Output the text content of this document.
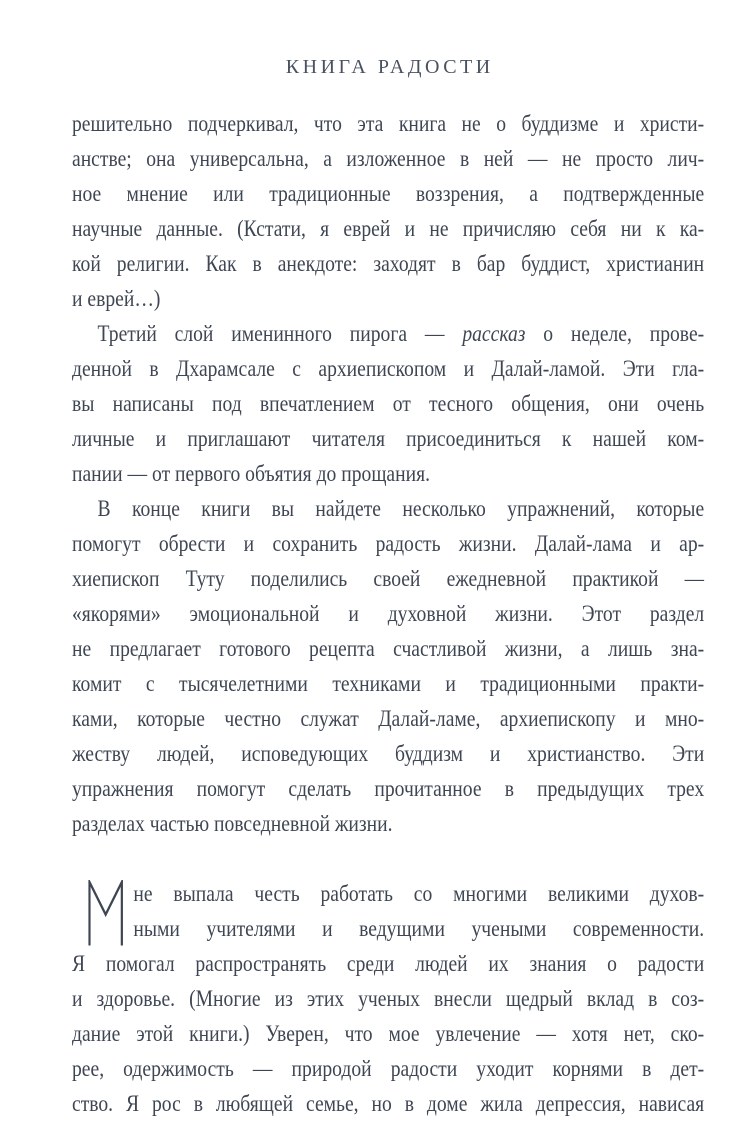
КНИГА РАДОСТИ
решительно подчеркивал, что эта книга не о буддизме и христи-
анстве; она универсальна, а изложенное в ней — не просто лич-
ное мнение или традиционные воззрения, а подтвержденные
научные данные. (Кстати, я еврей и не причисляю себя ни к ка-
кой религии. Как в анекдоте: заходят в бар буддист, христианин
и еврей…)
Третий слой именинного пирога — рассказ о неделе, прове-
денной в Дхарамсале с архиепископом и Далай-ламой. Эти гла-
вы написаны под впечатлением от тесного общения, они очень
личные и приглашают читателя присоединиться к нашей ком-
пании — от первого объятия до прощания.
В конце книги вы найдете несколько упражнений, которые
помогут обрести и сохранить радость жизни. Далай-лама и ар-
хиепископ Туту поделились своей ежедневной практикой —
«якорями» эмоциональной и духовной жизни. Этот раздел
не предлагает готового рецепта счастливой жизни, а лишь зна-
комит с тысячелетними техниками и традиционными практи-
ками, которые честно служат Далай-ламе, архиепископу и мно-
жеству людей, исповедующих буддизм и христианство. Эти
упражнения помогут сделать прочитанное в предыдущих трех
разделах частью повседневной жизни.
не выпала честь работать со многими великими духов-
ными учителями и ведущими учеными современности.
Я помогал распространять среди людей их знания о радости
и здоровье. (Многие из этих ученых внесли щедрый вклад в соз-
дание этой книги.) Уверен, что мое увлечение — хотя нет, ско-
рее, одержимость — природой радости уходит корнями в дет-
ство. Я рос в любящей семье, но в доме жила депрессия, нависая
